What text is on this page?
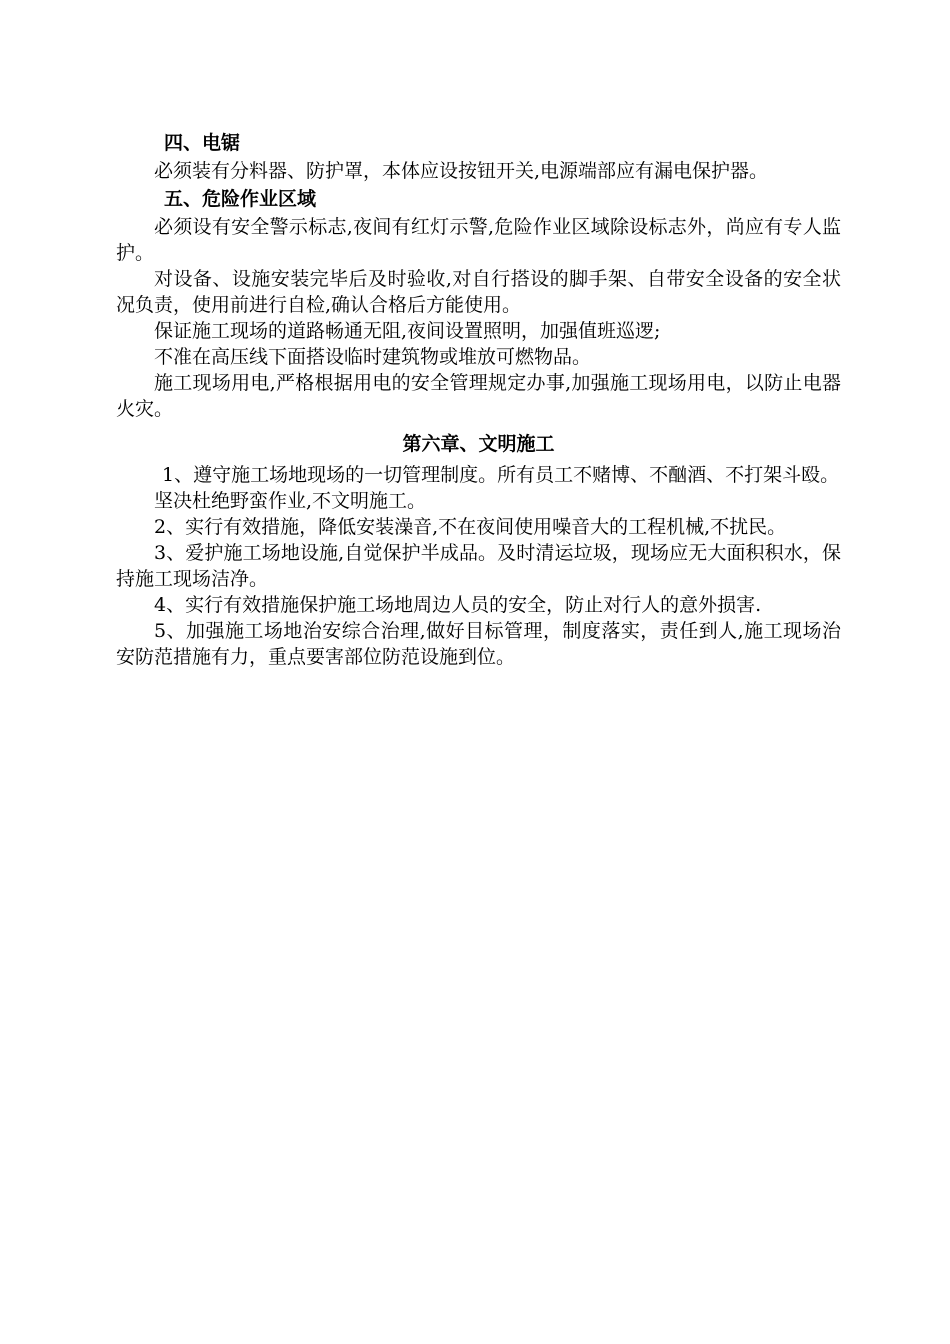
四、电锯

必须装有分料器、防护罩，本体应设按钮开关,电源端部应有漏电保护器。

五、危险作业区域

必须设有安全警示标志,夜间有红灯示警,危险作业区域除设标志外，尚应有专人监护。

对设备、设施安装完毕后及时验收,对自行搭设的脚手架、自带安全设备的安全状况负责，使用前进行自检,确认合格后方能使用。

保证施工现场的道路畅通无阻,夜间设置照明，加强值班巡逻;

不准在高压线下面搭设临时建筑物或堆放可燃物品。

施工现场用电,严格根据用电的安全管理规定办事,加强施工现场用电，以防止电器火灾。

第六章、文明施工

1、遵守施工场地现场的一切管理制度。所有员工不赌博、不酗酒、不打架斗殴。

坚决杜绝野蛮作业,不文明施工。

2、实行有效措施，降低安装澡音,不在夜间使用噪音大的工程机械,不扰民。

3、爱护施工场地设施,自觉保护半成品。及时清运垃圾，现场应无大面积积水，保持施工现场洁净。

4、实行有效措施保护施工场地周边人员的安全，防止对行人的意外损害.

5、加强施工场地治安综合治理,做好目标管理，制度落实，责任到人,施工现场治安防范措施有力，重点要害部位防范设施到位。
